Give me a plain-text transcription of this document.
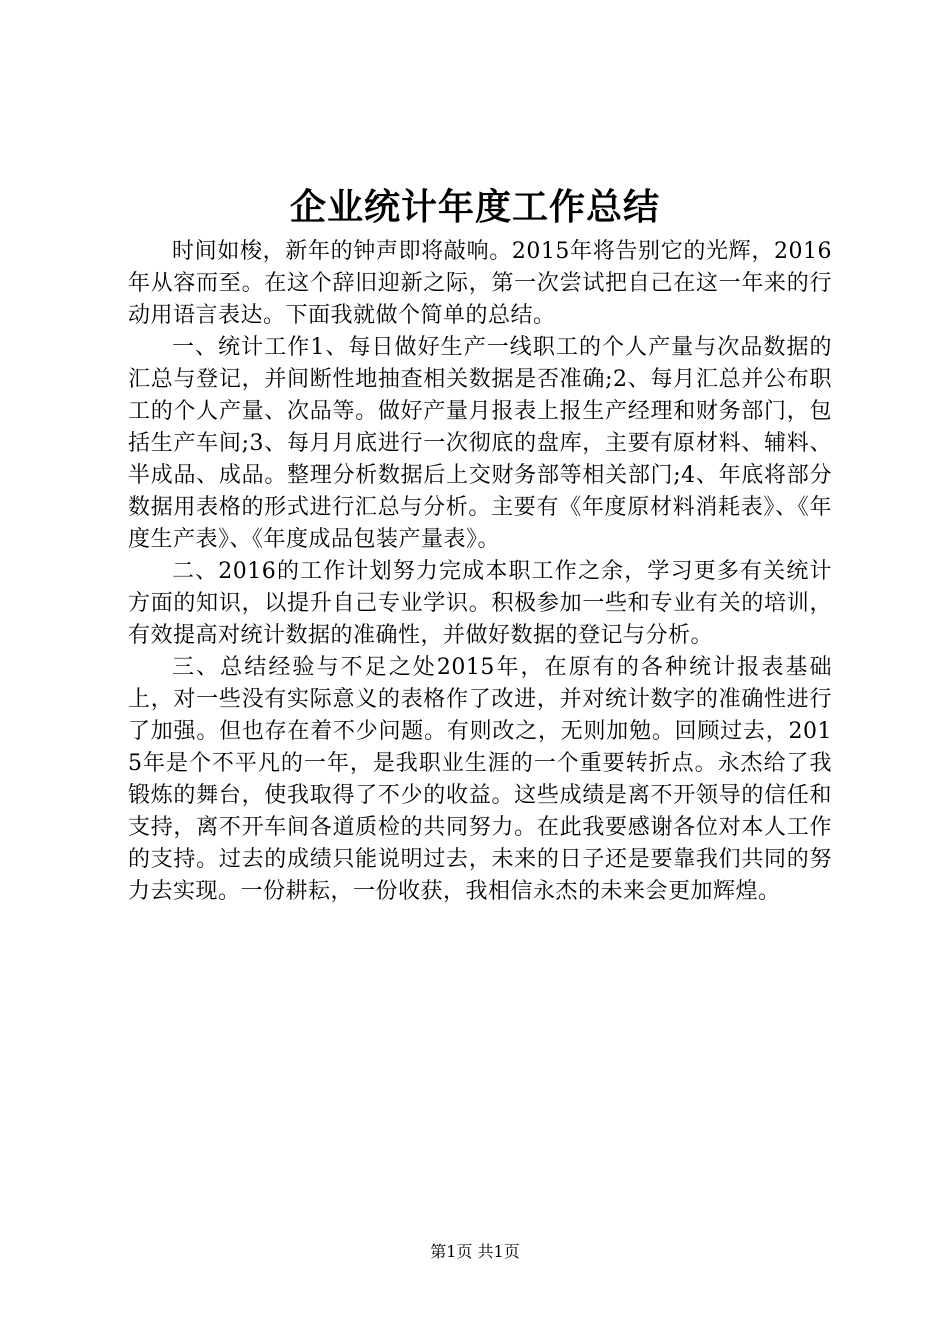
企业统计年度工作总结

时间如梭，新年的钟声即将敲响。2015年将告别它的光辉，2016年从容而至。在这个辞旧迎新之际，第一次尝试把自己在这一年来的行动用语言表达。下面我就做个简单的总结。

一、统计工作1、每日做好生产一线职工的个人产量与次品数据的汇总与登记，并间断性地抽查相关数据是否准确;2、每月汇总并公布职工的个人产量、次品等。做好产量月报表上报生产经理和财务部门，包括生产车间;3、每月月底进行一次彻底的盘库，主要有原材料、辅料、半成品、成品。整理分析数据后上交财务部等相关部门;4、年底将部分数据用表格的形式进行汇总与分析。主要有《年度原材料消耗表》、《年度生产表》、《年度成品包装产量表》。

二、2016的工作计划努力完成本职工作之余，学习更多有关统计方面的知识，以提升自己专业学识。积极参加一些和专业有关的培训，有效提高对统计数据的准确性，并做好数据的登记与分析。

三、总结经验与不足之处2015年，在原有的各种统计报表基础上，对一些没有实际意义的表格作了改进，并对统计数字的准确性进行了加强。但也存在着不少问题。有则改之，无则加勉。回顾过去，2015年是个不平凡的一年，是我职业生涯的一个重要转折点。永杰给了我锻炼的舞台，使我取得了不少的收益。这些成绩是离不开领导的信任和支持，离不开车间各道质检的共同努力。在此我要感谢各位对本人工作的支持。过去的成绩只能说明过去，未来的日子还是要靠我们共同的努力去实现。一份耕耘，一份收获，我相信永杰的未来会更加辉煌。

第1页 共1页
